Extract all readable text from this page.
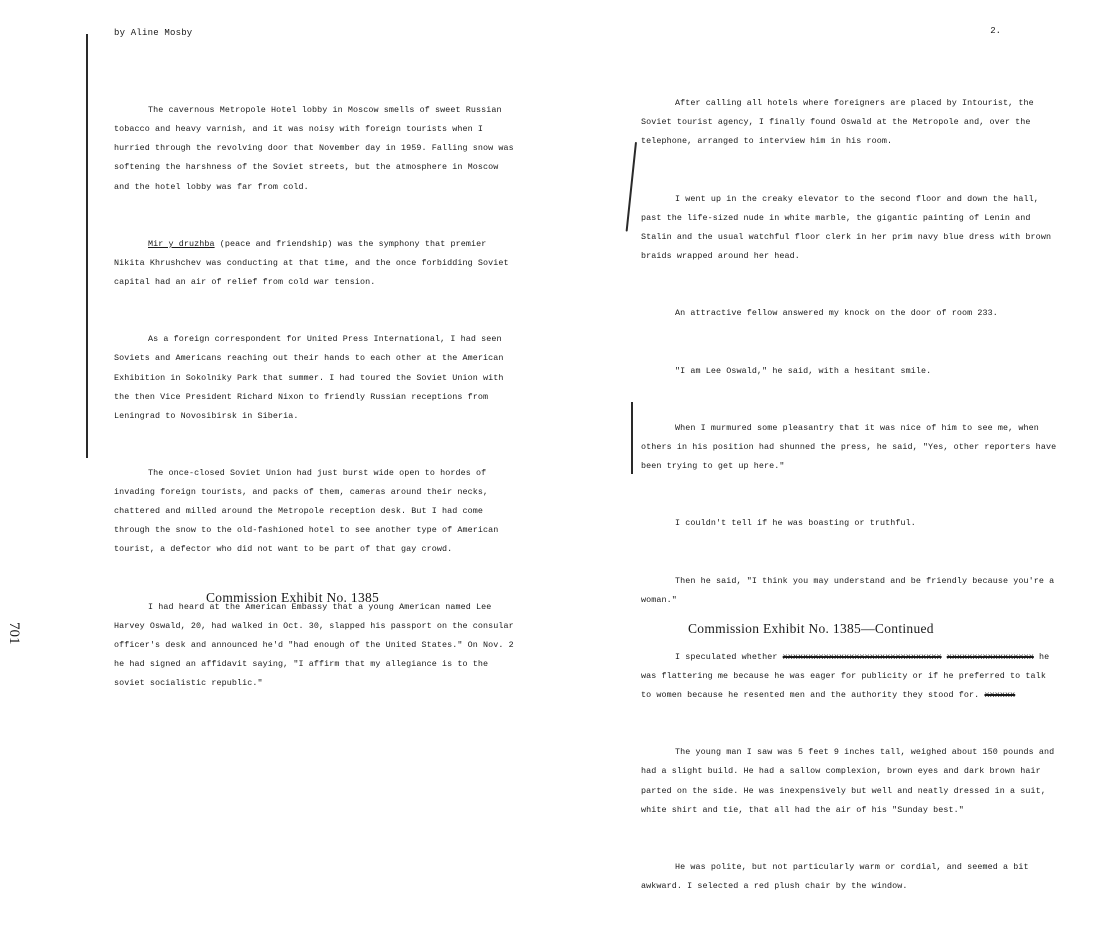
by Aline Mosby

The cavernous Metropole Hotel lobby in Moscow smells of sweet Russian tobacco and heavy varnish, and it was noisy with foreign tourists when I hurried through the revolving door that November day in 1959. Falling snow was softening the harshness of the Soviet streets, but the atmosphere in Moscow and the hotel lobby was far from cold.

Mir y druzhba (peace and friendship) was the symphony that premier Nikita Khrushchev was conducting at that time, and the once forbidding Soviet capital had an air of relief from cold war tension.

As a foreign correspondent for United Press International, I had seen Soviets and Americans reaching out their hands to each other at the American Exhibition in Sokolniky Park that summer. I had toured the Soviet Union with the then Vice President Richard Nixon to friendly Russian receptions from Leningrad to Novosibirsk in Siberia.

The once-closed Soviet Union had just burst wide open to hordes of invading foreign tourists, and packs of them, cameras around their necks, chattered and milled around the Metropole reception desk. But I had come through the snow to the old-fashioned hotel to see another type of American tourist, a defector who did not want to be part of that gay crowd.

I had heard at the American Embassy that a young American named Lee Harvey Oswald, 20, had walked in Oct. 30, slapped his passport on the consular officer's desk and announced he'd "had enough of the United States." On Nov. 2 he had signed an affidavit saying, "I affirm that my allegiance is to the soviet socialistic republic."

Commission Exhibit No. 1385
701
2.

After calling all hotels where foreigners are placed by Intourist, the Soviet tourist agency, I finally found Oswald at the Metropole and, over the telephone, arranged to interview him in his room.

I went up in the creaky elevator to the second floor and down the hall, past the life-sized nude in white marble, the gigantic painting of Lenin and Stalin and the usual watchful floor clerk in her prim navy blue dress with brown braids wrapped around her head.

An attractive fellow answered my knock on the door of room 233.

"I am Lee Oswald," he said, with a hesitant smile.

When I murmured some pleasantry that it was nice of him to see me, when others in his position had shunned the press, he said, "Yes, other reporters have been trying to get up here."

I couldn't tell if he was boasting or truthful.

Then he said, "I think you may understand and be friendly because you're a woman."

I speculated whether xxxxxxxxxxxxxxxxxxxxxxxxxxxxxxx xxxxxxxxxxxxxxxxx he was flattering me because he was eager for publicity or if he preferred to talk to women because he resented men and the authority they stood for. xxxxxx

The young man I saw was 5 feet 9 inches tall, weighed about 150 pounds and had a slight build. He had a sallow complexion, brown eyes and dark brown hair parted on the side. He was inexpensively but well and neatly dressed in a suit, white shirt and tie, that all had the air of his "Sunday best."

He was polite, but not particularly warm or cordial, and seemed a bit awkward. I selected a red plush chair by the window.

Commission Exhibit No. 1385—Continued
